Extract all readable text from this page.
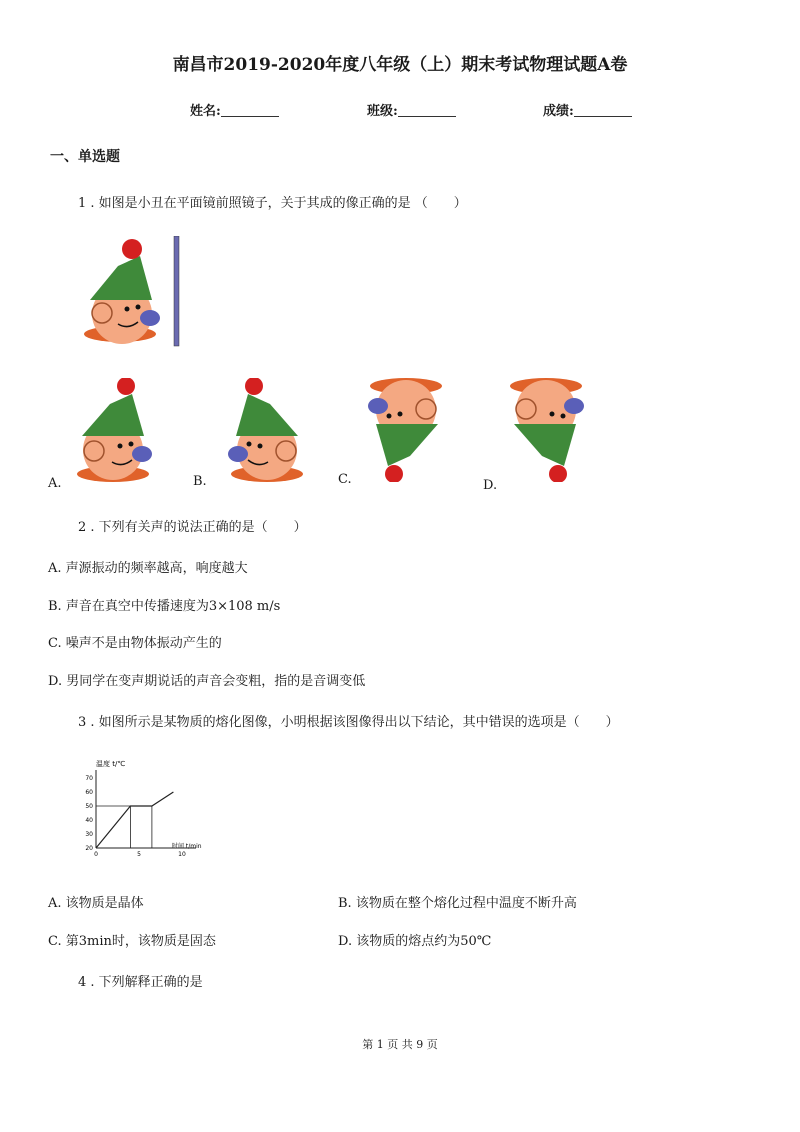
南昌市2019-2020年度八年级（上）期末考试物理试题A卷
姓名:	班级:	成绩:
一、单选题
1 . 如图是小丑在平面镜前照镜子，关于其成的像正确的是 （　　）
A.	B.	C.	D.
2 . 下列有关声的说法正确的是（　　）
A. 声源振动的频率越高，响度越大
B. 声音在真空中传播速度为3×108 m/s
C. 噪声不是由物体振动产生的
D. 男同学在变声期说话的声音会变粗，指的是音调变低
3 . 如图所示是某物质的熔化图像，小明根据该图像得出以下结论，其中错误的选项是（　　）
温度 t/℃
时间 t/min
20
30
40
50
60
70
0	5	10
A. 该物质是晶体	B. 该物质在整个熔化过程中温度不断升高
C. 第3min时，该物质是固态	D. 该物质的熔点约为50℃
4 . 下列解释正确的是
第 1 页 共 9 页
